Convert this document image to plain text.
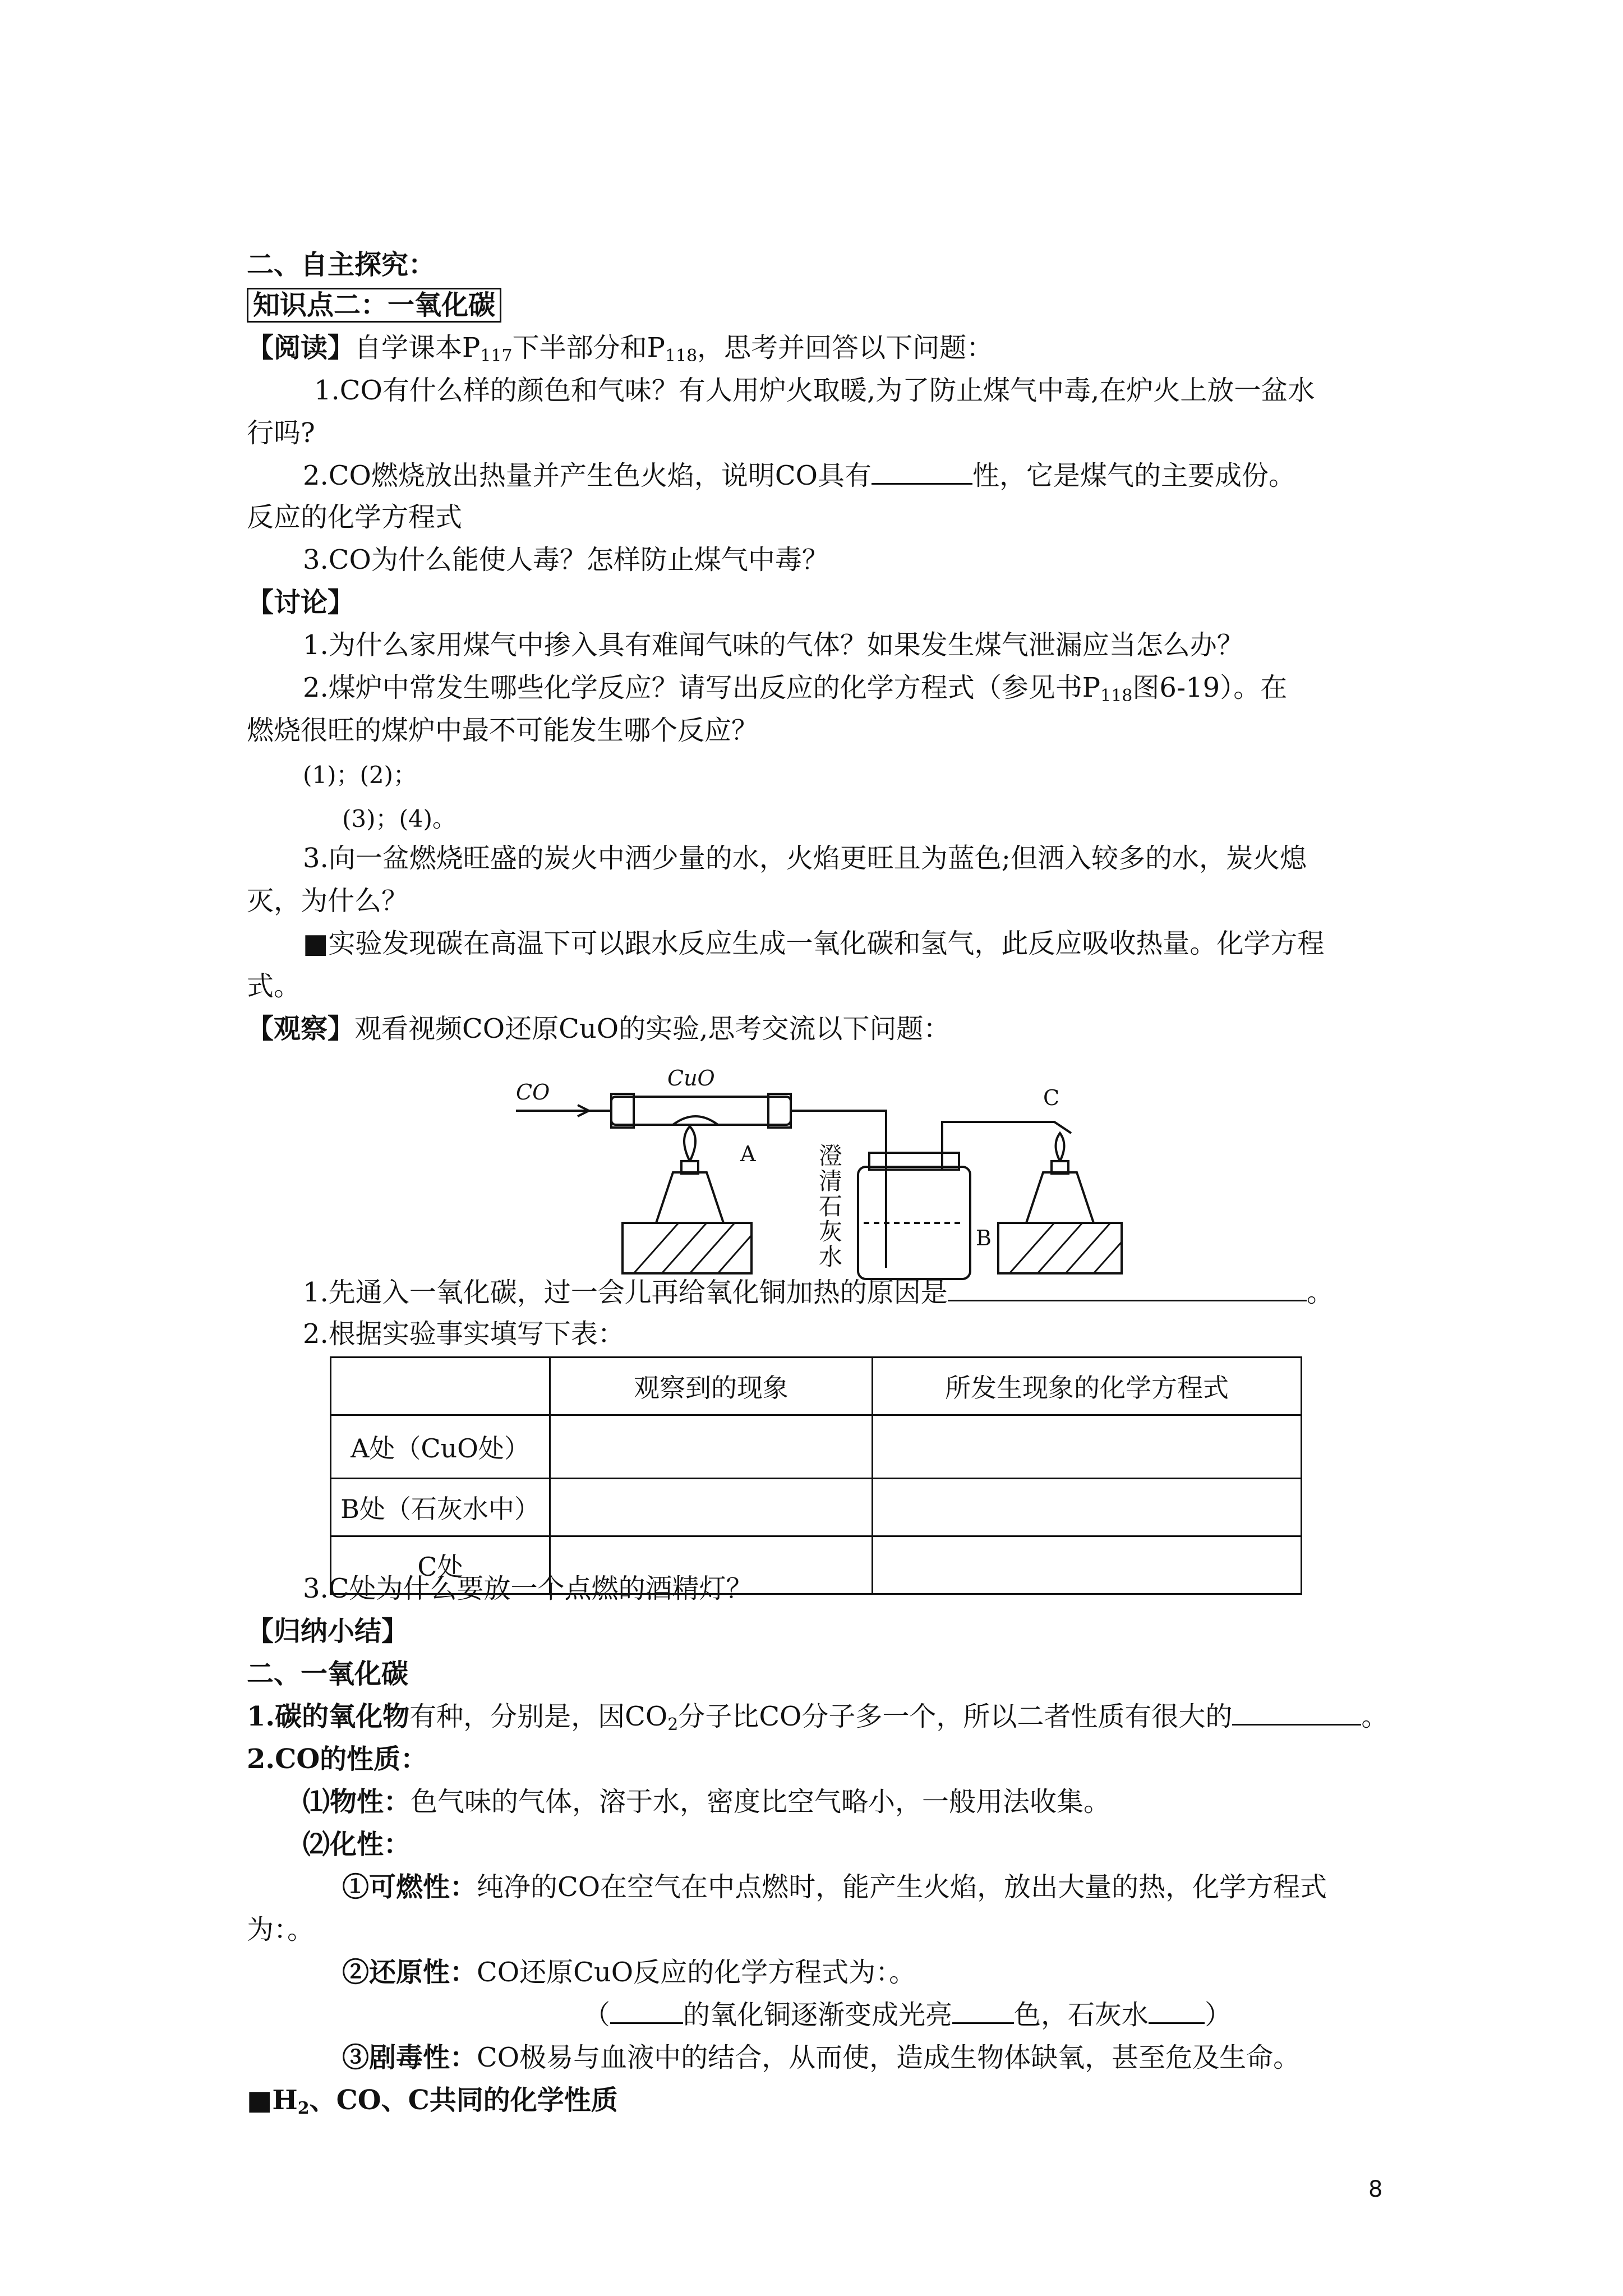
二、自主探究：
知识点二：一氧化碳
【阅读】自学课本$P_{117}$下半部分和$P_{118}$，思考并回答以下问题：
1.CO有什么样的颜色和气味？有人用炉火取暖,为了防止煤气中毒,在炉火上放一盆水
行吗?
2.CO燃烧放出热量并产生色火焰，说明CO具有	性，它是煤气的主要成份。
反应的化学方程式
3.CO为什么能使人毒？怎样防止煤气中毒？
【讨论】
1.为什么家用煤气中掺入具有难闻气味的气体？如果发生煤气泄漏应当怎么办？
2.煤炉中常发生哪些化学反应？请写出反应的化学方程式（参见书$P_{118}$图6-19）。在
燃烧很旺的煤炉中最不可能发生哪个反应？
(1)；(2)；
(3)；(4)。
3.向一盆燃烧旺盛的炭火中洒少量的水，火焰更旺且为蓝色;但洒入较多的水，炭火熄
灭，为什么？
■实验发现碳在高温下可以跟水反应生成一氧化碳和氢气，此反应吸收热量。化学方程
式。
【观察】观看视频CO还原CuO的实验,思考交流以下问题：
CO
CuO
A
B
C
澄
清
石
灰
水
1.先通入一氧化碳，过一会儿再给氧化铜加热的原因是	。
2.根据实验事实填写下表：
	观察到的现象	所发生现象的化学方程式
A处（CuO处）		
B处（石灰水中）		
C处		
3.C处为什么要放一个点燃的酒精灯？
【归纳小结】
二、一氧化碳
1.碳的氧化物有种，分别是，因$CO_2$分子比CO分子多一个，所以二者性质有很大的	。
2.CO的性质：
⑴物性：色气味的气体，溶于水，密度比空气略小，一般用法收集。
⑵化性：
①可燃性：纯净的CO在空气在中点燃时，能产生火焰，放出大量的热，化学方程式
为：。
②还原性：CO还原CuO反应的化学方程式为：。
（	的氧化铜逐渐变成光亮 色，石灰水 ）
③剧毒性：CO极易与血液中的结合，从而使，造成生物体缺氧，甚至危及生命。
$■H_2$、CO、C共同的化学性质
8
